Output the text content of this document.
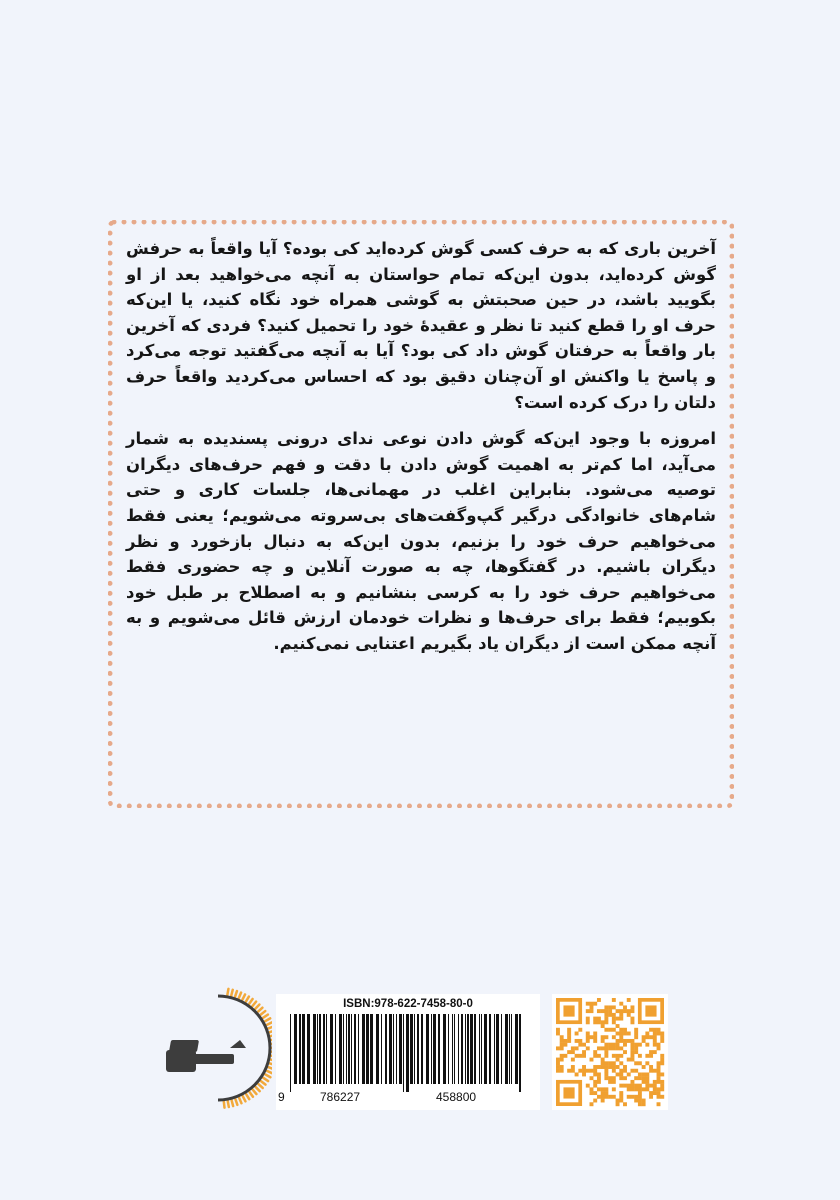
آخرین باری که به حرف کسی گوش کرده‌اید کی بوده؟ آیا واقعاً به حرفش گوش کرده‌اید، بدون این‌که تمام حواستان به آنچه می‌خواهید بعد از او بگویید باشد، در حین صحبتش به گوشی همراه خود نگاه کنید، یا این‌که حرف او را قطع کنید تا نظر و عقیدهٔ خود را تحمیل کنید؟ فردی که آخرین بار واقعاً به حرفتان گوش داد کی بود؟ آیا به آنچه می‌گفتید توجه می‌کرد و پاسخ یا واکنش او آن‌چنان دقیق بود که احساس می‌کردید واقعاً حرف دلتان را درک کرده است؟

امروزه با وجود این‌که گوش دادن نوعی ندای درونی پسندیده به شمار می‌آید، اما کم‌تر به اهمیت گوش دادن با دقت و فهم حرف‌های دیگران توصیه می‌شود. بنابراین اغلب در مهمانی‌ها، جلسات کاری و حتی شام‌های خانوادگی درگیر گپ‌وگفت‌های بی‌سروته می‌شویم؛ یعنی فقط می‌خواهیم حرف خود را بزنیم، بدون این‌که به دنبال بازخورد و نظر دیگران باشیم. در گفتگوها، چه به صورت آنلاین و چه حضوری فقط می‌خواهیم حرف خود را به کرسی بنشانیم و به اصطلاح بر طبل خود بکوبیم؛ فقط برای حرف‌ها و نظرات خودمان ارزش قائل می‌شویم و به آنچه ممکن است از دیگران یاد بگیریم اعتنایی نمی‌کنیم.

ISBN:978-622-7458-80-0
9	786227	458800
